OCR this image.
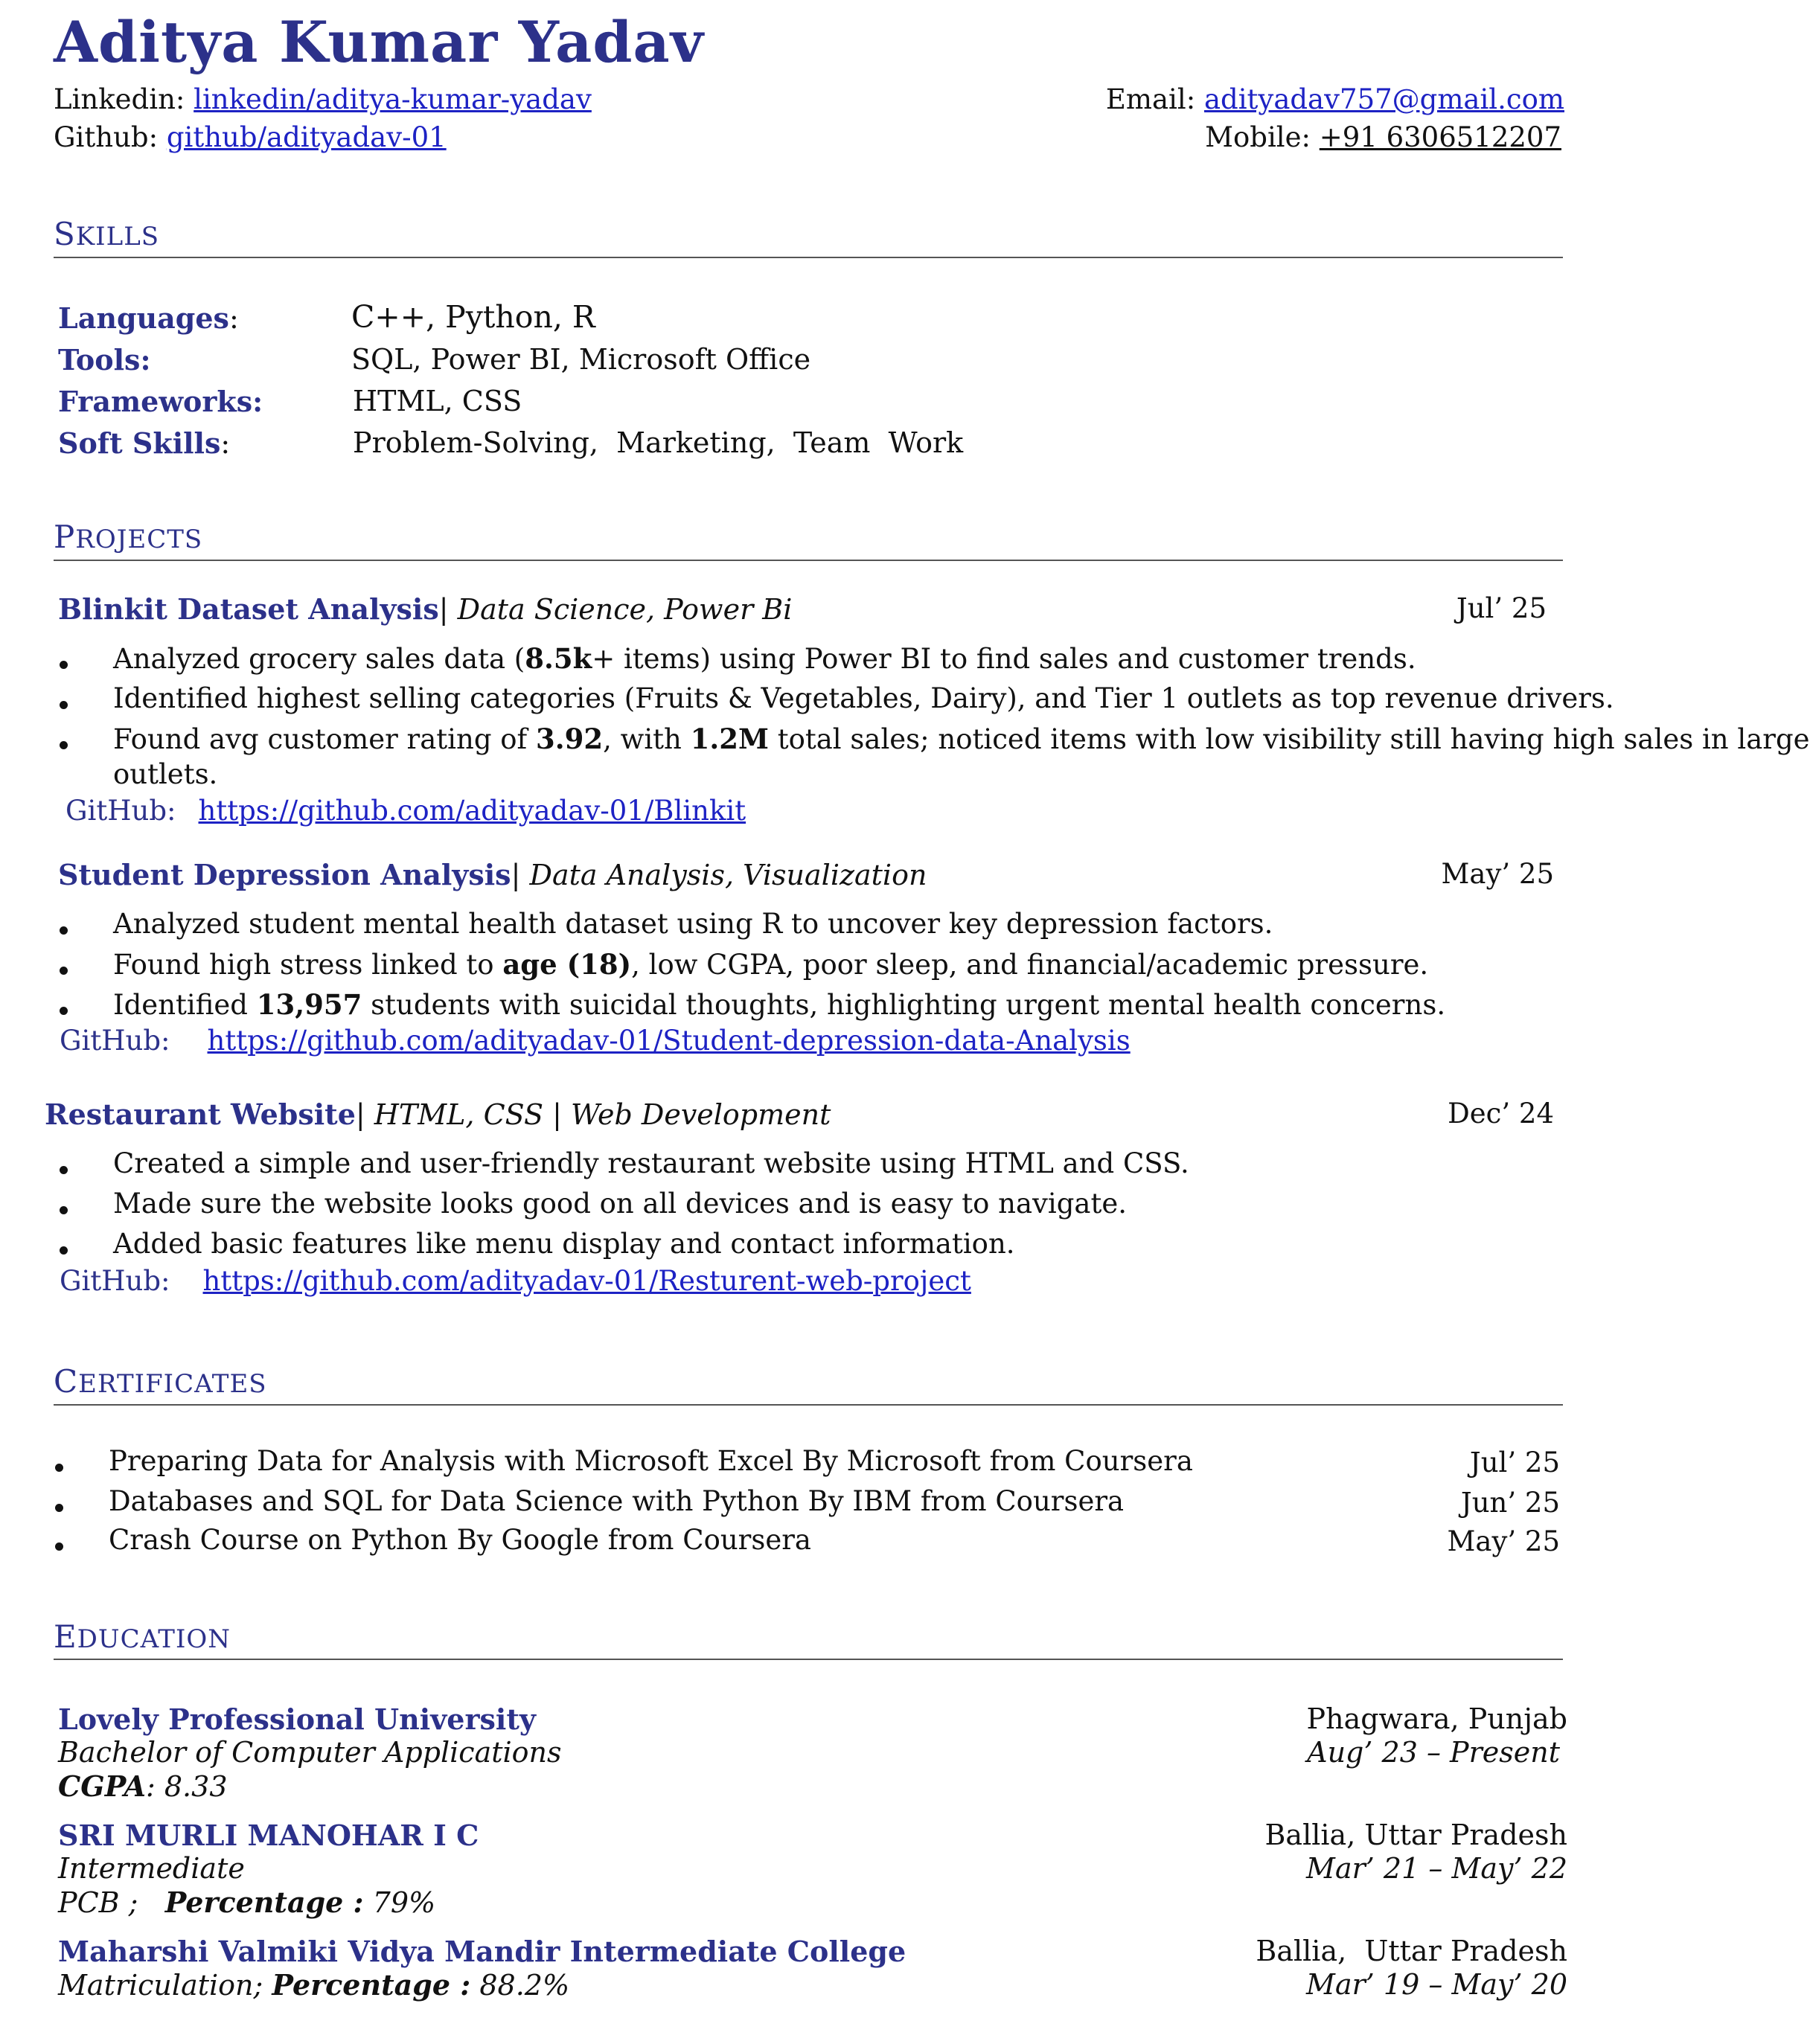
Aditya Kumar Yadav
Linkedin: linkedin/aditya-kumar-yadav
Github: github/adityadav-01
Email: adityadav757@gmail.com
Mobile: +91 6306512207
SKILLS
Languages:	C++, Python, R
Tools:	SQL, Power BI, Microsoft Office
Frameworks:	HTML, CSS
Soft Skills:	Problem-Solving,  Marketing,  Team  Work
PROJECTS
Blinkit Dataset Analysis| Data Science, Power Bi	Jul’ 25
Analyzed grocery sales data (8.5k+ items) using Power BI to find sales and customer trends.
Identified highest selling categories (Fruits & Vegetables, Dairy), and Tier 1 outlets as top revenue drivers.
Found avg customer rating of 3.92, with 1.2M total sales; noticed items with low visibility still having high sales in large
outlets.
GitHub: https://github.com/adityadav-01/Blinkit
Student Depression Analysis| Data Analysis, Visualization	May’ 25
Analyzed student mental health dataset using R to uncover key depression factors.
Found high stress linked to age (18), low CGPA, poor sleep, and financial/academic pressure.
Identified 13,957 students with suicidal thoughts, highlighting urgent mental health concerns.
GitHub: https://github.com/adityadav-01/Student-depression-data-Analysis
Restaurant Website| HTML, CSS | Web Development	Dec’ 24
Created a simple and user-friendly restaurant website using HTML and CSS.
Made sure the website looks good on all devices and is easy to navigate.
Added basic features like menu display and contact information.
GitHub: https://github.com/adityadav-01/Resturent-web-project
CERTIFICATES
Preparing Data for Analysis with Microsoft Excel By Microsoft from Coursera	Jul’ 25
Databases and SQL for Data Science with Python By IBM from Coursera	Jun’ 25
Crash Course on Python By Google from Coursera	May’ 25
EDUCATION
Lovely Professional University	Phagwara, Punjab
Bachelor of Computer Applications	Aug’ 23 – Present
CGPA: 8.33
SRI MURLI MANOHAR I C	Ballia, Uttar Pradesh
Intermediate	Mar’ 21 – May’ 22
PCB ; Percentage : 79%
Maharshi Valmiki Vidya Mandir Intermediate College	Ballia,  Uttar Pradesh
Matriculation; Percentage : 88.2%	Mar’ 19 – May’ 20
